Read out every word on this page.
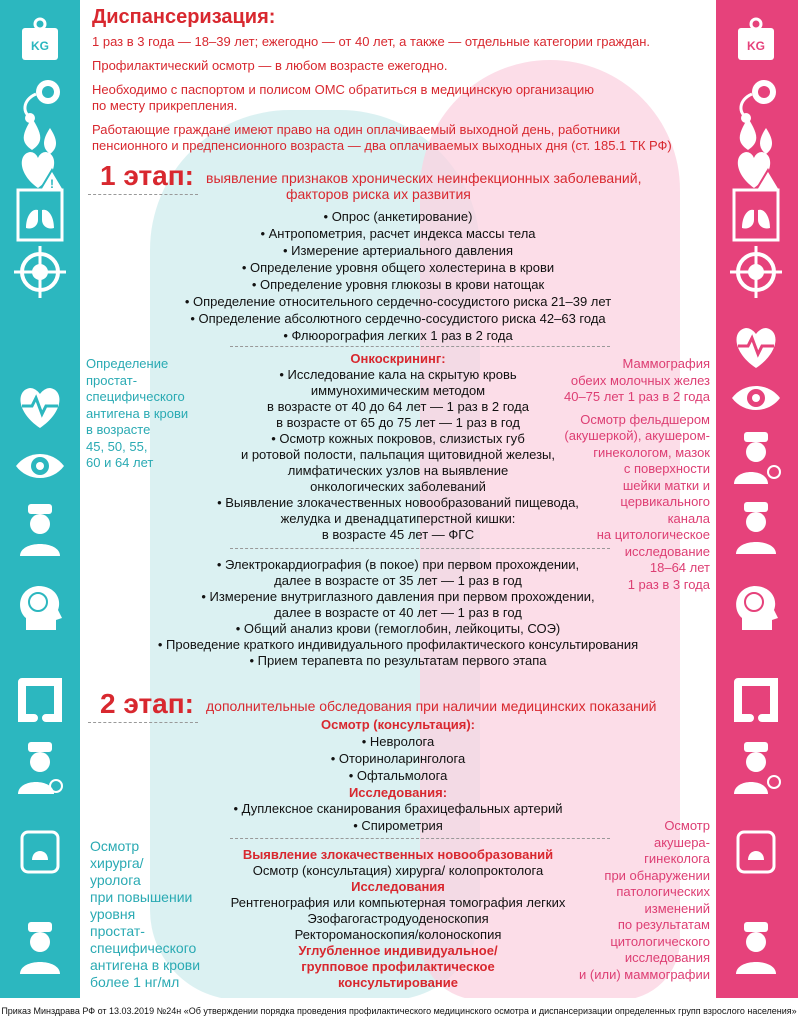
KG
!
KG
Диспансеризация:
1 раз в 3 года — 18–39 лет; ежегодно — от 40 лет, а также — отдельные категории граждан.
Профилактический осмотр — в любом возрасте ежегодно.
Необходимо с паспортом и полисом ОМС обратиться в медицинскую организацию
по месту прикрепления.
Работающие граждане имеют право на один оплачиваемый выходной день, работники
пенсионного и предпенсионного возраста — два оплачиваемых выходных дня (ст. 185.1 ТК РФ)
1 этап: выявление признаков хронических неинфекционных заболеваний,
факторов риска их развития
• Опрос (анкетирование)
• Антропометрия, расчет индекса массы тела
• Измерение артериального давления
• Определение уровня общего холестерина в крови
• Определение уровня глюкозы в крови натощак
• Определение относительного сердечно-сосудистого риска 21–39 лет
• Определение абсолютного сердечно-сосудистого риска 42–63 года
• Флюорография легких 1 раз в 2 года
Онкоскрининг:
• Исследование кала на скрытую кровь
иммунохимическим методом
в возрасте от 40 до 64 лет — 1 раз в 2 года
в возрасте от 65 до 75 лет — 1 раз в год
• Осмотр кожных покровов, слизистых губ
и ротовой полости, пальпация щитовидной железы,
лимфатических узлов на выявление
онкологических заболеваний
• Выявление злокачественных новообразований пищевода,
желудка и двенадцатиперстной кишки:
в возрасте 45 лет — ФГС
• Электрокардиография (в покое) при первом прохождении,
далее в возрасте от 35 лет — 1 раз в год
• Измерение внутриглазного давления при первом прохождении,
далее в возрасте от 40 лет — 1 раз в год
• Общий анализ крови (гемоглобин, лейкоциты, СОЭ)
• Проведение краткого индивидуального профилактического консультирования
• Прием терапевта по результатам первого этапа
2 этап: дополнительные обследования при наличии медицинских показаний
Осмотр (консультация):
• Невролога
• Оториноларинголога
• Офтальмолога
Исследования:
• Дуплексное сканирования брахицефальных артерий
• Спирометрия
Выявление злокачественных новообразований
Осмотр (консультация) хирурга/ колопроктолога
Исследования
Рентгенография или компьютерная томография легких
Эзофагогастродуоденоскопия
Ректороманоскопия/колоноскопия
Углубленное индивидуальное/
групповое профилактическое
консультирование
Определение
простат-
специфического
антигена в крови
в возрасте
45, 50, 55,
60 и 64 лет
Маммография
обеих молочных желез
40–75 лет 1 раз в 2 года
Осмотр фельдшером
(акушеркой), акушером-
гинекологом, мазок
с поверхности
шейки матки и
цервикального
канала
на цитологическое
исследование
18–64 лет
1 раз в 3 года
Осмотр
хирурга/
уролога
при повышении
уровня
простат-
специфического
антигена в крови
более 1 нг/мл
Осмотр
акушера-
гинеколога
при обнаружении
патологических
изменений
по результатам
цитологического
исследования
и (или) маммографии
Приказ Минздрава РФ от 13.03.2019 №24н «Об утверждении порядка проведения профилактического медицинского осмотра и диспансеризации определенных групп взрослого населения»
